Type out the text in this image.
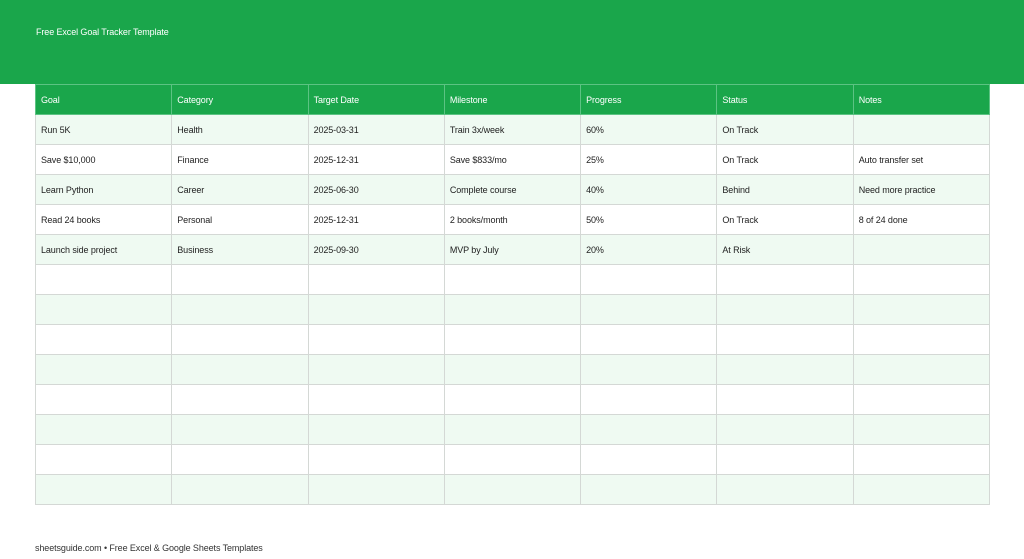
Free Excel Goal Tracker Template
Goal	Category	Target Date	Milestone	Progress	Status	Notes
Run 5K	Health	2025-03-31	Train 3x/week	60%	On Track	
Save $10,000	Finance	2025-12-31	Save $833/mo	25%	On Track	Auto transfer set
Learn Python	Career	2025-06-30	Complete course	40%	Behind	Need more practice
Read 24 books	Personal	2025-12-31	2 books/month	50%	On Track	8 of 24 done
Launch side project	Business	2025-09-30	MVP by July	20%	At Risk	

sheetsguide.com • Free Excel & Google Sheets Templates
